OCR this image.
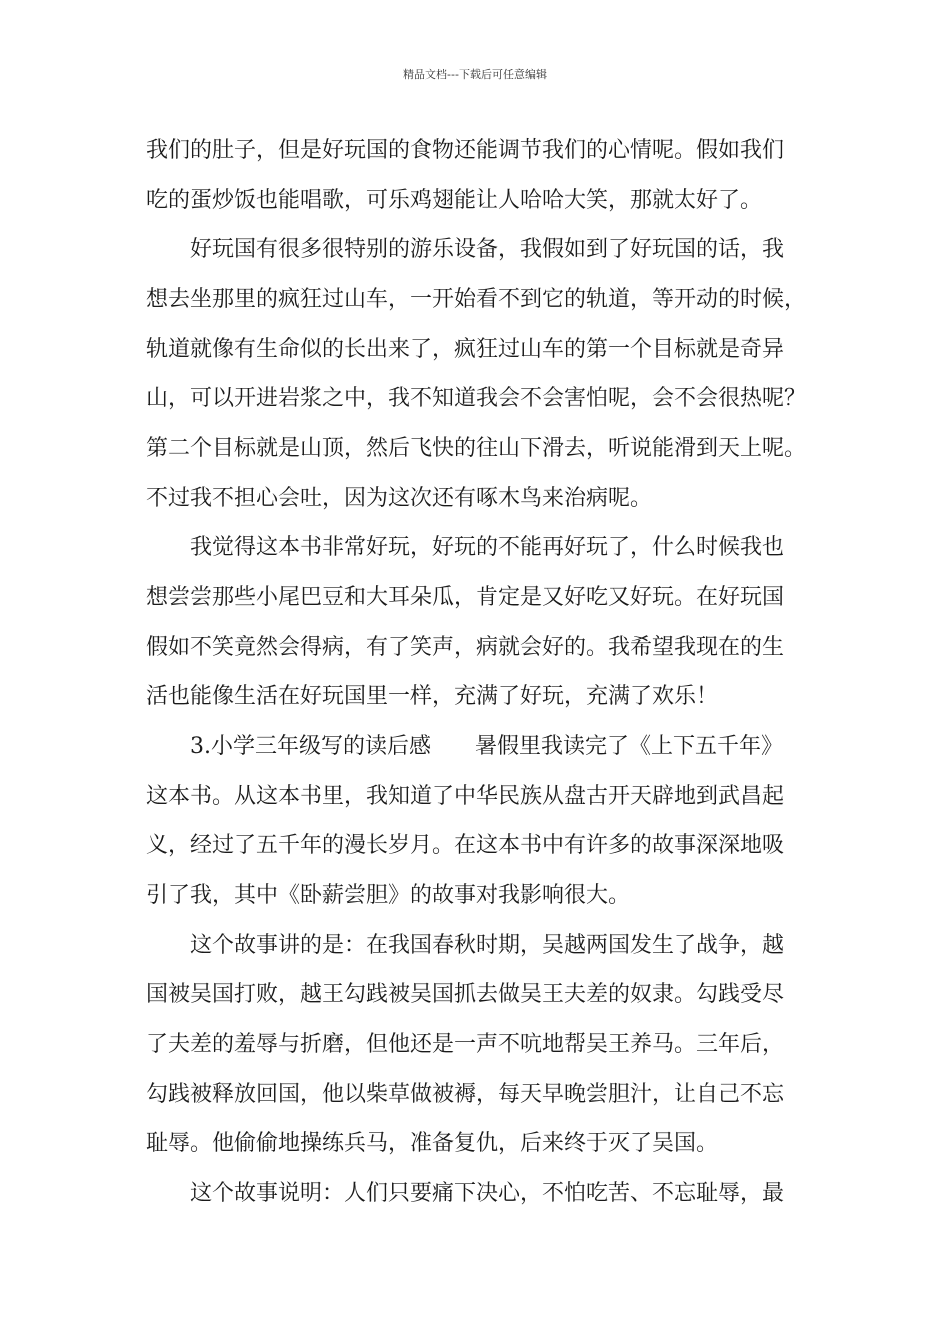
精品文档---下载后可任意编辑
我们的肚子，但是好玩国的食物还能调节我们的心情呢。假如我们
吃的蛋炒饭也能唱歌，可乐鸡翅能让人哈哈大笑，那就太好了。
　　好玩国有很多很特别的游乐设备，我假如到了好玩国的话，我
想去坐那里的疯狂过山车，一开始看不到它的轨道，等开动的时候，
轨道就像有生命似的长出来了，疯狂过山车的第一个目标就是奇异
山，可以开进岩浆之中，我不知道我会不会害怕呢，会不会很热呢？
第二个目标就是山顶，然后飞快的往山下滑去，听说能滑到天上呢。
不过我不担心会吐，因为这次还有啄木鸟来治病呢。
　　我觉得这本书非常好玩，好玩的不能再好玩了，什么时候我也
想尝尝那些小尾巴豆和大耳朵瓜，肯定是又好吃又好玩。在好玩国
假如不笑竟然会得病，有了笑声，病就会好的。我希望我现在的生
活也能像生活在好玩国里一样，充满了好玩，充满了欢乐！
　　3.小学三年级写的读后感　　暑假里我读完了《上下五千年》
这本书。从这本书里，我知道了中华民族从盘古开天辟地到武昌起
义，经过了五千年的漫长岁月。在这本书中有许多的故事深深地吸
引了我，其中《卧薪尝胆》的故事对我影响很大。
　　这个故事讲的是：在我国春秋时期，吴越两国发生了战争，越
国被吴国打败，越王勾践被吴国抓去做吴王夫差的奴隶。勾践受尽
了夫差的羞辱与折磨，但他还是一声不吭地帮吴王养马。三年后，
勾践被释放回国，他以柴草做被褥，每天早晚尝胆汁，让自己不忘
耻辱。他偷偷地操练兵马，准备复仇，后来终于灭了吴国。
　　这个故事说明：人们只要痛下决心，不怕吃苦、不忘耻辱，最
